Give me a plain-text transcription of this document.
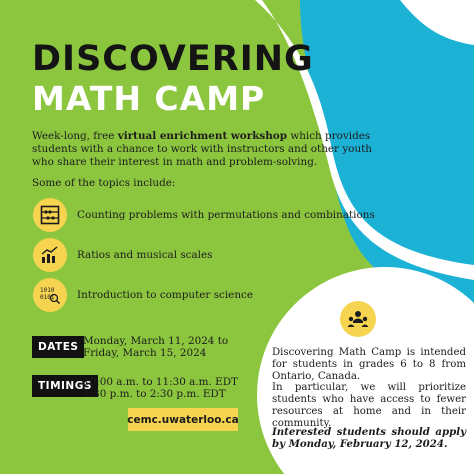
DISCOVERING
MATH CAMP
Week-long, free virtual enrichment workshop which provides students with a chance to work with instructors and other youth who share their interest in math and problem-solving.
Some of the topics include:
Counting problems with permutations and combinations
Ratios and musical scales
1010
0101 Introduction to computer science
DATES Monday, March 11, 2024 to
Friday, March 15, 2024
TIMINGS
10:00 a.m. to 11:30 a.m. EDT
1:30 p.m. to 2:30 p.m. EDT
cemc.uwaterloo.ca
Discovering Math Camp is intended for students in grades 6 to 8 from Ontario, Canada.
In particular, we will prioritize students who have access to fewer resources at home and in their community.
Interested students should apply by Monday, February 12, 2024.
